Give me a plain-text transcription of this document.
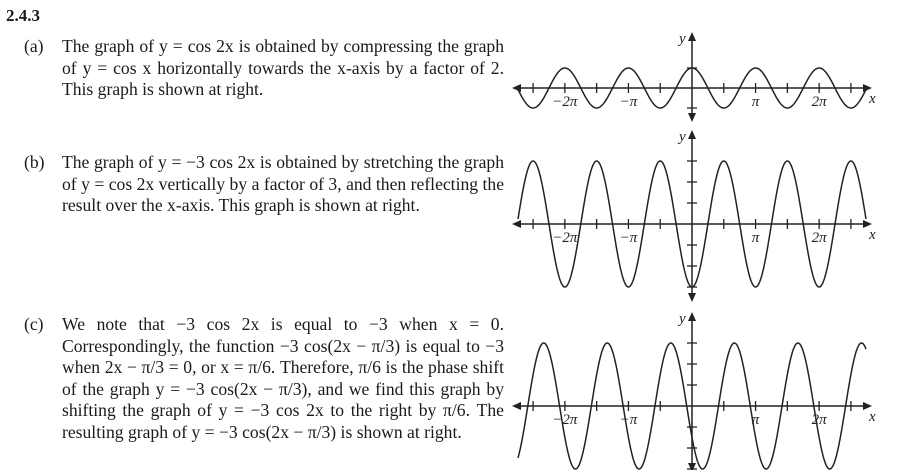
2.4.3
(a) The graph of y = cos 2x is obtained by compressing the graph of y = cos x horizontally towards the x-axis by a factor of 2. This graph is shown at right.
(b) The graph of y = −3 cos 2x is obtained by stretching the graph of y = cos 2x vertically by a factor of 3, and then reflecting the result over the x-axis. This graph is shown at right.
(c) We note that −3 cos 2x is equal to −3 when x = 0. Correspondingly, the function −3 cos(2x − π/3) is equal to −3 when 2x − π/3 = 0, or x = π/6. Therefore, π/6 is the phase shift of the graph y = −3 cos(2x − π/3), and we find this graph by shifting the graph of y = −3 cos 2x to the right by π/6. The resulting graph of y = −3 cos(2x − π/3) is shown at right.
−2π	−π	π	2π	x
y
−2π	−π	π	2π	x
y
−2π	−π	π	2π	x
y
